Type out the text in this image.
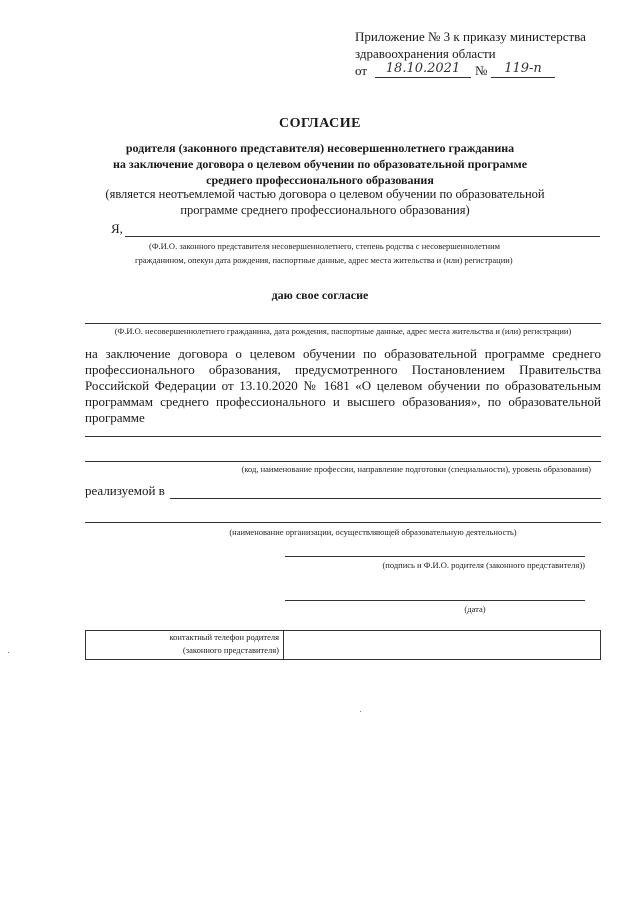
Приложение № 3 к приказу министерства
здравоохранения области
от	18.10.2021	№	119-п
СОГЛАСИЕ
родителя (законного представителя) несовершеннолетнего гражданина
на заключение договора о целевом обучении по образовательной программе
среднего профессионального образования
(является неотъемлемой частью договора о целевом обучении по образовательной
программе среднего профессионального образования)
Я,
(Ф.И.О. законного представителя несовершеннолетнего, степень родства с несовершеннолетним
гражданином, опекун дата рождения, паспортные данные, адрес места жительства и (или) регистрации)
даю свое согласие
(Ф.И.О. несовершеннолетнего гражданина, дата рождения, паспортные данные, адрес места жительства и (или) регистрации)
на заключение договора о целевом обучении по образовательной программе среднего профессионального образования, предусмотренного Постановлением Правительства Российской Федерации от 13.10.2020 № 1681 «О целевом обучении по образовательным программам среднего профессионального и высшего образования», по образовательной программе
(код, наименование профессии, направление подготовки (специальности), уровень образования)
реализуемой в
(наименование организации, осуществляющей образовательную деятельность)
(подпись и Ф.И.О. родителя (законного представителя))
(дата)
контактный телефон родителя
(законного представителя)
